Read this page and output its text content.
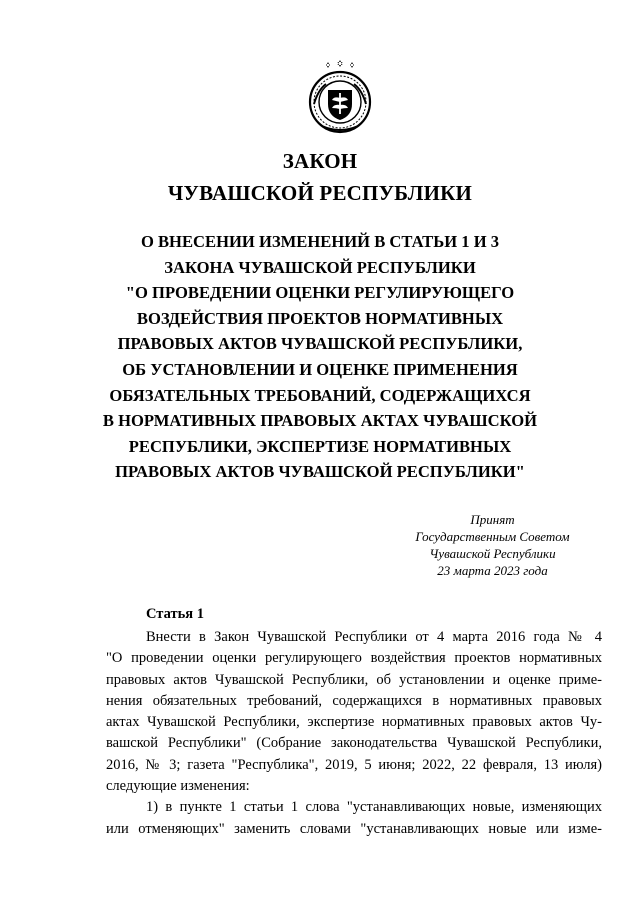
ЗАКОН
ЧУВАШСКОЙ РЕСПУБЛИКИ
О ВНЕСЕНИИ ИЗМЕНЕНИЙ В СТАТЬИ 1 И 3
ЗАКОНА ЧУВАШСКОЙ РЕСПУБЛИКИ
"О ПРОВЕДЕНИИ ОЦЕНКИ РЕГУЛИРУЮЩЕГО
ВОЗДЕЙСТВИЯ ПРОЕКТОВ НОРМАТИВНЫХ
ПРАВОВЫХ АКТОВ ЧУВАШСКОЙ РЕСПУБЛИКИ,
ОБ УСТАНОВЛЕНИИ И ОЦЕНКЕ ПРИМЕНЕНИЯ
ОБЯЗАТЕЛЬНЫХ ТРЕБОВАНИЙ, СОДЕРЖАЩИХСЯ
В НОРМАТИВНЫХ ПРАВОВЫХ АКТАХ ЧУВАШСКОЙ
РЕСПУБЛИКИ, ЭКСПЕРТИЗЕ НОРМАТИВНЫХ
ПРАВОВЫХ АКТОВ ЧУВАШСКОЙ РЕСПУБЛИКИ"
Принят
Государственным Советом
Чувашской Республики
23 марта 2023 года
Статья 1
Внести в Закон Чувашской Республики от 4 марта 2016 года № 4
"О проведении оценки регулирующего воздействия проектов нормативных
правовых актов Чувашской Республики, об установлении и оценке приме-
нения обязательных требований, содержащихся в нормативных правовых
актах Чувашской Республики, экспертизе нормативных правовых актов Чу-
вашской Республики" (Собрание законодательства Чувашской Республики,
2016, № 3; газета "Республика", 2019, 5 июня; 2022, 22 февраля, 13 июля)
следующие изменения:
1) в пункте 1 статьи 1 слова "устанавливающих новые, изменяющих
или отменяющих" заменить словами "устанавливающих новые или изме-
